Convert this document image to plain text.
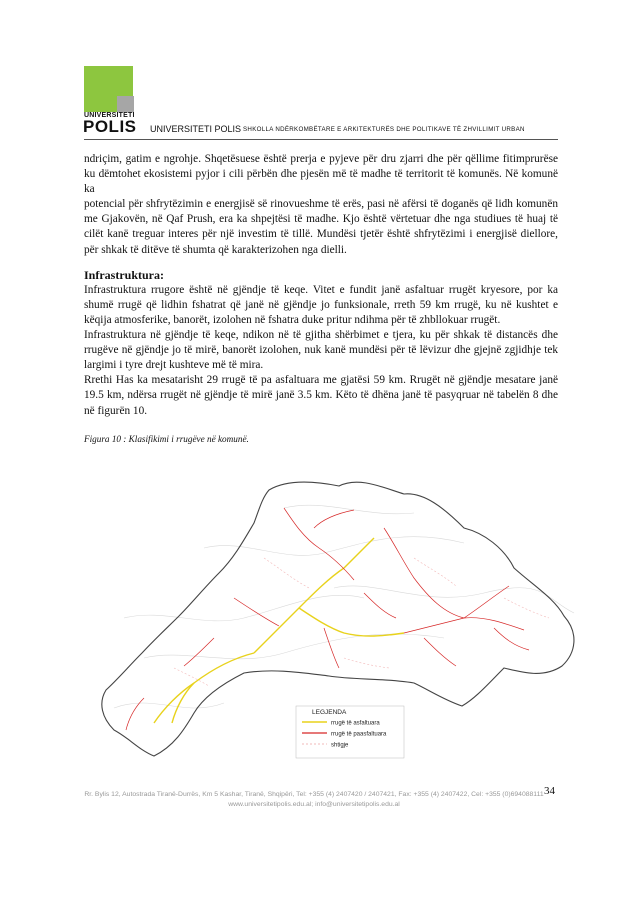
UNIVERSITETI
POLIS UNIVERSITETI POLIS SHKOLLA NDËRKOMBËTARE E ARKITEKTURËS DHE POLITIKAVE TË ZHVILLIMIT URBAN

ndriçim, gatim e ngrohje. Shqetësuese është prerja e pyjeve për dru zjarri dhe për qëllime fitimprurëse ku dëmtohet ekosistemi pyjor i cili përbën dhe pjesën më të madhe të territorit të komunës. Në komunë ka

potencial për shfrytëzimin e energjisë së rinovueshme të erës, pasi në afërsi të doganës që lidh komunën me Gjakovën, në Qaf Prush, era ka shpejtësi të madhe. Kjo është vërtetuar dhe nga studiues të huaj të cilët kanë treguar interes për një investim të tillë. Mundësi tjetër është shfrytëzimi i energjisë diellore, për shkak të ditëve të shumta që karakterizohen nga dielli.

Infrastruktura:

Infrastruktura rrugore është në gjëndje të keqe. Vitet e fundit janë asfaltuar rrugët kryesore, por ka shumë rrugë që lidhin fshatrat që janë në gjëndje jo funksionale, rreth 59 km rrugë, ku në kushtet e këqija atmosferike, banorët, izolohen në fshatra duke pritur ndihma për të zhbllokuar rrugët.

Infrastruktura në gjëndje të keqe, ndikon në të gjitha shërbimet e tjera, ku për shkak të distancës dhe rrugëve në gjëndje jo të mirë, banorët izolohen, nuk kanë mundësi për të lëvizur dhe gjejnë zgjidhje tek largimi i tyre drejt kushteve më të mira.

Rrethi Has ka mesatarisht 29 rrugë të pa asfaltuara me gjatësi 59 km. Rrugët në gjëndje mesatare janë 19.5 km, ndërsa rrugët në gjëndje të mirë janë 3.5 km. Këto të dhëna janë të pasyqruar në tabelën 8 dhe në figurën 10.

Figura 10 : Klasifikimi i rrugëve në komunë.
LEGJENDA
rrugë të asfaltuara
rrugë të paasfaltuara
shtigje
Rr. Bylis 12, Autostrada Tiranë-Durrës, Km 5 Kashar, Tiranë, Shqipëri, Tel: +355 (4) 2407420 / 2407421, Fax: +355 (4) 2407422, Cel: +355 (0)694088111
www.universitetipolis.edu.al; info@universitetipolis.edu.al
34
